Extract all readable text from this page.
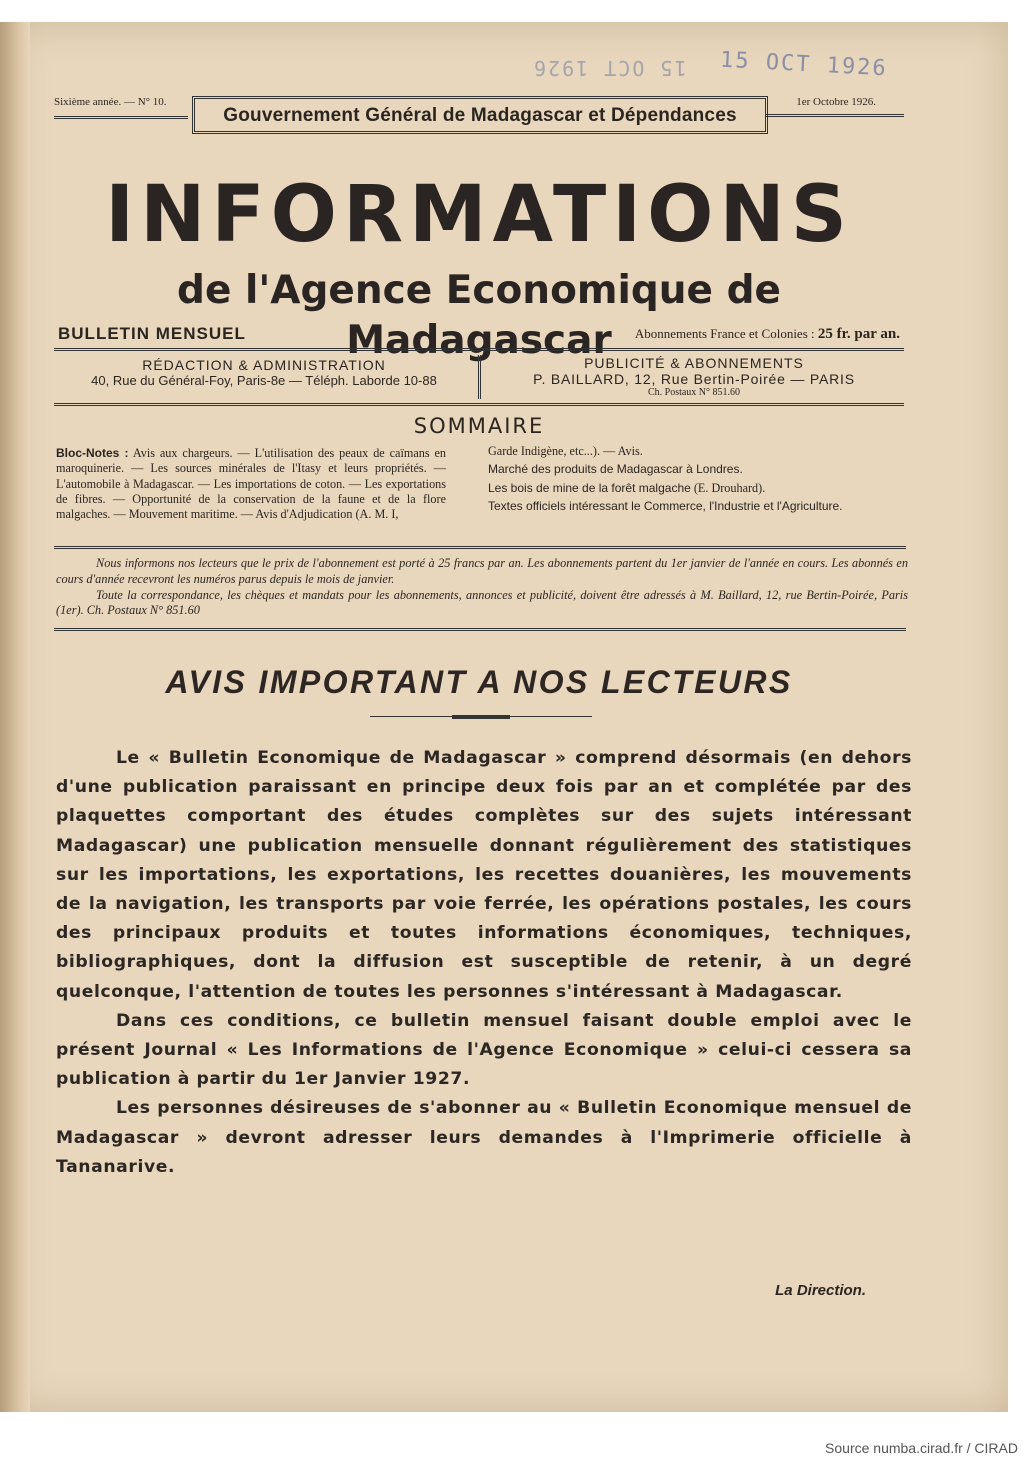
15 OCT 1926 15 OCT 1926
Sixième année. — N° 10.
Gouvernement Général de Madagascar et Dépendances
1er Octobre 1926.
INFORMATIONS
de l'Agence Economique de Madagascar
BULLETIN MENSUEL	Abonnements France et Colonies : 25 fr. par an.
RÉDACTION & ADMINISTRATION
40, Rue du Général-Foy, Paris-8e — Téléph. Laborde 10-88
PUBLICITÉ & ABONNEMENTS
P. BAILLARD, 12, Rue Bertin-Poirée — PARIS
Ch. Postaux N° 851.60
SOMMAIRE
Bloc-Notes : Avis aux chargeurs. — L'utilisation des peaux de caïmans en maroquinerie. — Les sources minérales de l'Itasy et leurs propriétés. — L'automobile à Madagascar. — Les importations de coton. — Les exportations de fibres. — Opportunité de la conservation de la faune et de la flore malgaches. — Mouvement maritime. — Avis d'Adjudication (A. M. I,

Garde Indigène, etc...). — Avis.

Marché des produits de Madagascar à Londres.

Les bois de mine de la forêt malgache (E. Drouhard).

Textes officiels intéressant le Commerce, l'Industrie et l'Agriculture.

Nous informons nos lecteurs que le prix de l'abonnement est porté à 25 francs par an. Les abonnements partent du 1er janvier de l'année en cours. Les abonnés en cours d'année recevront les numéros parus depuis le mois de janvier.

Toute la correspondance, les chèques et mandats pour les abonnements, annonces et publicité, doivent être adressés à M. Baillard, 12, rue Bertin-Poirée, Paris (1er). Ch. Postaux N° 851.60

AVIS IMPORTANT A NOS LECTEURS

Le « Bulletin Economique de Madagascar » comprend désormais (en dehors d'une publication paraissant en principe deux fois par an et complétée par des plaquettes comportant des études complètes sur des sujets intéressant Madagascar) une publication mensuelle donnant régulièrement des statistiques sur les importations, les exportations, les recettes douanières, les mouvements de la navigation, les transports par voie ferrée, les opérations postales, les cours des principaux produits et toutes informations économiques, techniques, bibliographiques, dont la diffusion est susceptible de retenir, à un degré quelconque, l'attention de toutes les personnes s'intéressant à Madagascar.

Dans ces conditions, ce bulletin mensuel faisant double emploi avec le présent Journal « Les Informations de l'Agence Economique » celui-ci cessera sa publication à partir du 1er Janvier 1927.

Les personnes désireuses de s'abonner au « Bulletin Economique mensuel de Madagascar » devront adresser leurs demandes à l'Imprimerie officielle à Tananarive.

La Direction.
Source numba.cirad.fr / CIRAD
